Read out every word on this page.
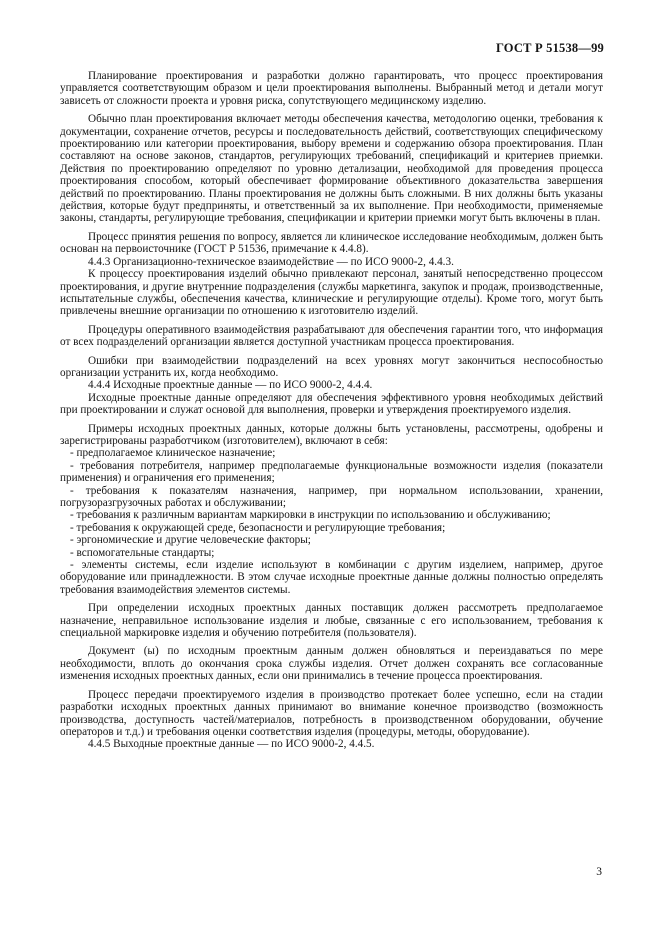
ГОСТ Р 51538—99

Планирование проектирования и разработки должно гарантировать, что процесс проектирования управляется соответствующим образом и цели проектирования выполнены. Выбранный метод и детали могут зависеть от сложности проекта и уровня риска, сопутствующего медицинскому изделию.

Обычно план проектирования включает методы обеспечения качества, методологию оценки, требования к документации, сохранение отчетов, ресурсы и последовательность действий, соответствующих специфическому проектированию или категории проектирования, выбору времени и содержанию обзора проектирования. План составляют на основе законов, стандартов, регулирующих требований, спецификаций и критериев приемки. Действия по проектированию определяют по уровню детализации, необходимой для проведения процесса проектирования способом, который обеспечивает формирование объективного доказательства завершения действий по проектированию. Планы проектирования не должны быть сложными. В них должны быть указаны действия, которые будут предприняты, и ответственный за их выполнение. При необходимости, применяемые законы, стандарты, регулирующие требования, спецификации и критерии приемки могут быть включены в план.

Процесс принятия решения по вопросу, является ли клиническое исследование необходимым, должен быть основан на первоисточнике (ГОСТ Р 51536, примечание к 4.4.8).

4.4.3 Организационно-техническое взаимодействие — по ИСО 9000-2, 4.4.3.

К процессу проектирования изделий обычно привлекают персонал, занятый непосредственно процессом проектирования, и другие внутренние подразделения (службы маркетинга, закупок и продаж, производственные, испытательные службы, обеспечения качества, клинические и регулирующие отделы). Кроме того, могут быть привлечены внешние организации по отношению к изготовителю изделий.

Процедуры оперативного взаимодействия разрабатывают для обеспечения гарантии того, что информация от всех подразделений организации является доступной участникам процесса проектирования.

Ошибки при взаимодействии подразделений на всех уровнях могут закончиться неспособностью организации устранить их, когда необходимо.

4.4.4 Исходные проектные данные — по ИСО 9000-2, 4.4.4.

Исходные проектные данные определяют для обеспечения эффективного уровня необходимых действий при проектировании и служат основой для выполнения, проверки и утверждения проектируемого изделия.

Примеры исходных проектных данных, которые должны быть установлены, рассмотрены, одобрены и зарегистрированы разработчиком (изготовителем), включают в себя:

- предполагаемое клиническое назначение;

- требования потребителя, например предполагаемые функциональные возможности изделия (показатели применения) и ограничения его применения;

- требования к показателям назначения, например, при нормальном использовании, хранении, погрузоразгрузочных работах и обслуживании;

- требования к различным вариантам маркировки в инструкции по использованию и обслуживанию;

- требования к окружающей среде, безопасности и регулирующие требования;

- эргономические и другие человеческие факторы;

- вспомогательные стандарты;

- элементы системы, если изделие используют в комбинации с другим изделием, например, другое оборудование или принадлежности. В этом случае исходные проектные данные должны полностью определять требования взаимодействия элементов системы.

При определении исходных проектных данных поставщик должен рассмотреть предполагаемое назначение, неправильное использование изделия и любые, связанные с его использованием, требования к специальной маркировке изделия и обучению потребителя (пользователя).

Документ (ы) по исходным проектным данным должен обновляться и переиздаваться по мере необходимости, вплоть до окончания срока службы изделия. Отчет должен сохранять все согласованные изменения исходных проектных данных, если они принимались в течение процесса проектирования.

Процесс передачи проектируемого изделия в производство протекает более успешно, если на стадии разработки исходных проектных данных принимают во внимание конечное производство (возможность производства, доступность частей/материалов, потребность в производственном оборудовании, обучение операторов и т.д.) и требования оценки соответствия изделия (процедуры, методы, оборудование).

4.4.5 Выходные проектные данные — по ИСО 9000-2, 4.4.5.

3
